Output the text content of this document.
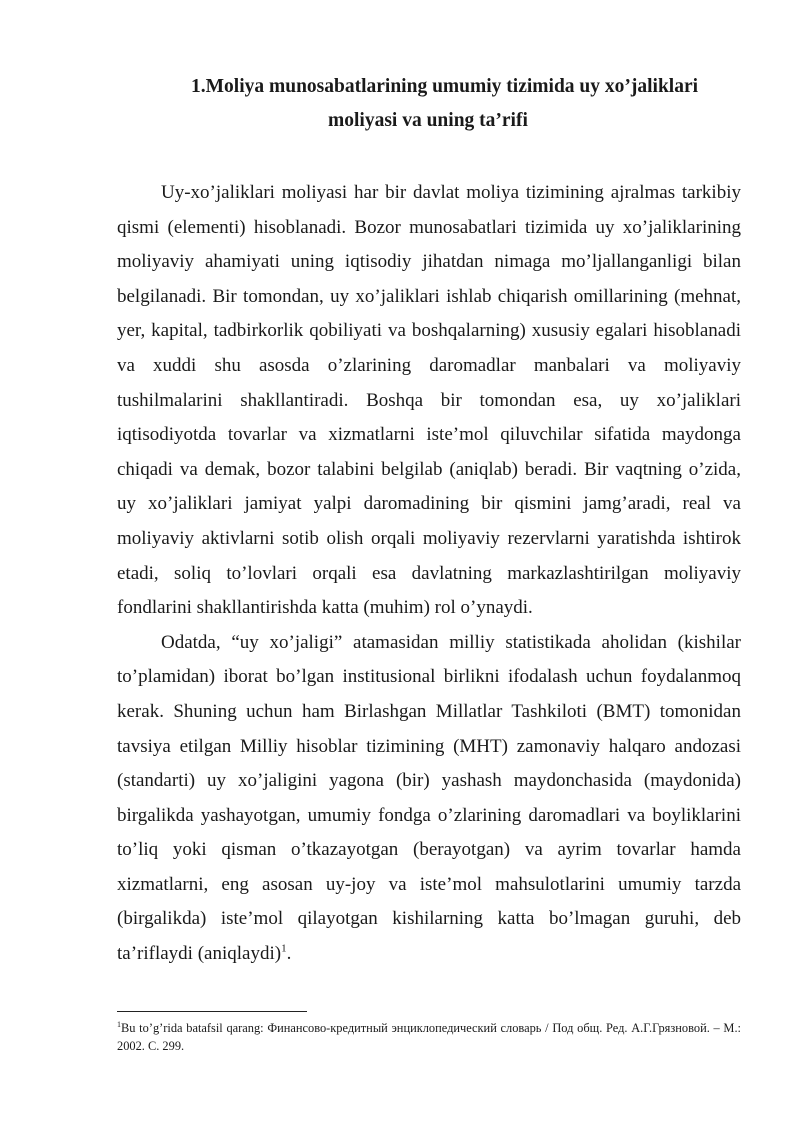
1.Moliya munosabatlarining umumiy tizimida uy xo’jaliklari
moliyasi va uning ta’rifi

Uy-xo’jaliklari moliyasi har bir davlat moliya tizimining ajralmas tarkibiy qismi (elementi) hisoblanadi. Bozor munosabatlari tizimida uy xo’jaliklarining moliyaviy ahamiyati uning iqtisodiy jihatdan nimaga mo’ljallanganligi bilan belgilanadi. Bir tomondan, uy xo’jaliklari ishlab chiqarish omillarining (mehnat, yer, kapital, tadbirkorlik qobiliyati va boshqalarning) xususiy egalari hisoblanadi va xuddi shu asosda o’zlarining daromadlar manbalari va moliyaviy tushilmalarini shakllantiradi. Boshqa bir tomondan esa, uy xo’jaliklari iqtisodiyotda tovarlar va xizmatlarni iste’mol qiluvchilar sifatida maydonga chiqadi va demak, bozor talabini belgilab (aniqlab) beradi. Bir vaqtning o’zida, uy xo’jaliklari jamiyat yalpi daromadining bir qismini jamg’aradi, real va moliyaviy aktivlarni sotib olish orqali moliyaviy rezervlarni yaratishda ishtirok etadi, soliq to’lovlari orqali esa davlatning markazlashtirilgan moliyaviy fondlarini shakllantirishda katta (muhim) rol o’ynaydi.

Odatda, “uy xo’jaligi” atamasidan milliy statistikada aholidan (kishilar to’plamidan) iborat bo’lgan institusional birlikni ifodalash uchun foydalanmoq kerak. Shuning uchun ham Birlashgan Millatlar Tashkiloti (BMT) tomonidan tavsiya etilgan Milliy hisoblar tizimining (MHT) zamonaviy halqaro andozasi (standarti) uy xo’jaligini yagona (bir) yashash maydonchasida (maydonida) birgalikda yashayotgan, umumiy fondga o’zlarining daromadlari va boyliklarini to’liq yoki qisman o’tkazayotgan (berayotgan) va ayrim tovarlar hamda xizmatlarni, eng asosan uy-joy va iste’mol mahsulotlarini umumiy tarzda (birgalikda) iste’mol qilayotgan kishilarning katta bo’lmagan guruhi, deb ta’riflaydi (aniqlaydi)$^1$.

$^1$Bu to’g’rida batafsil qarang: Финансово-кредитный энциклопедический словарь / Под общ. Ред. А.Г.Грязновой. – М.: 2002. С. 299.
